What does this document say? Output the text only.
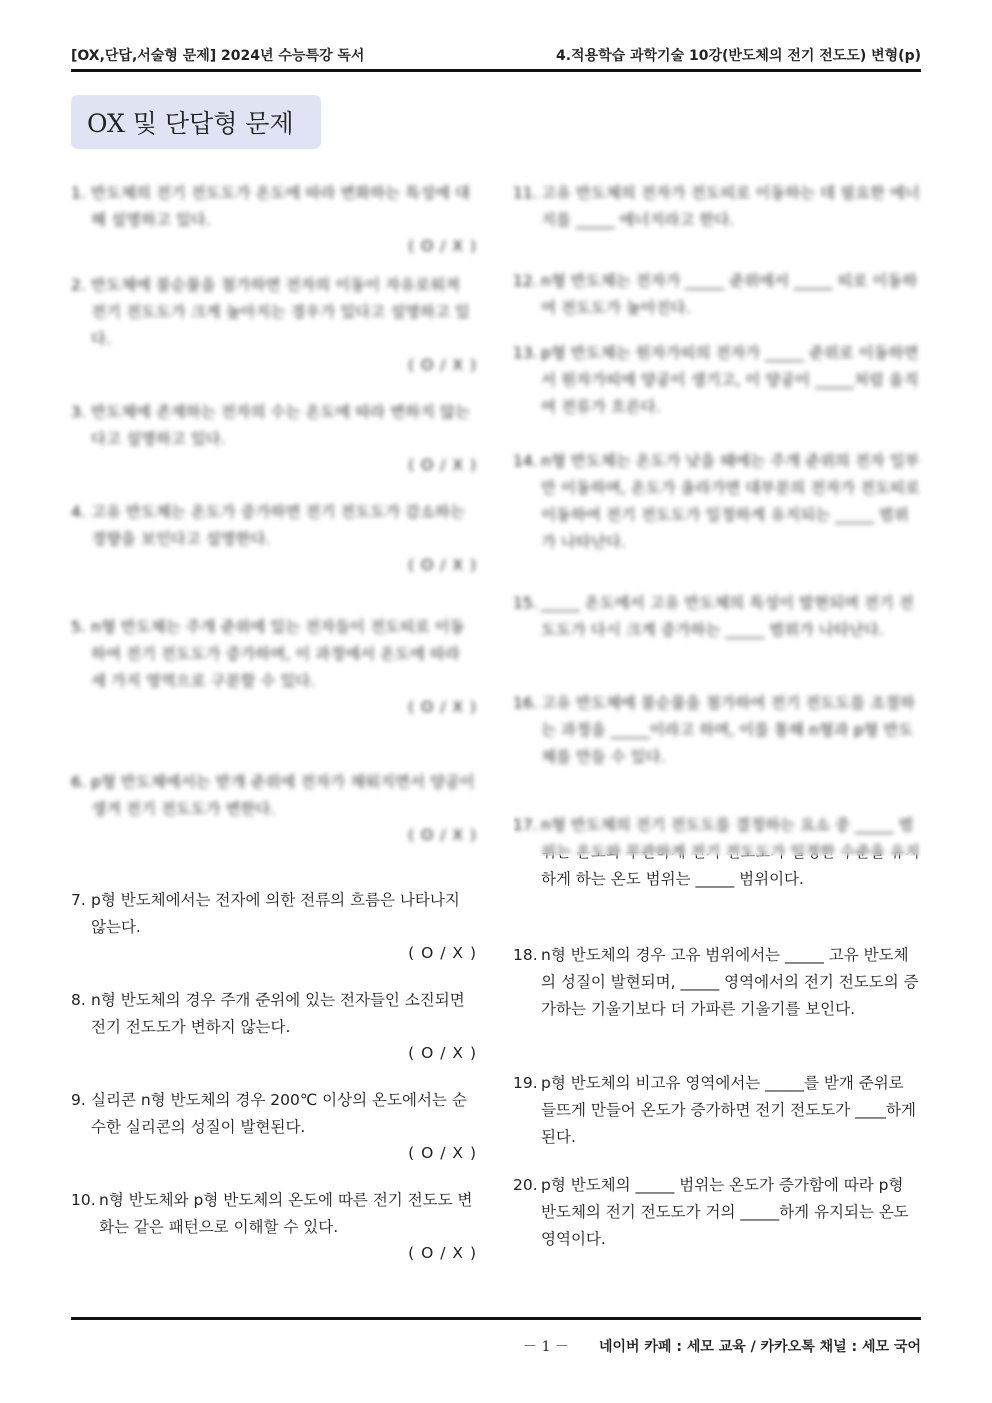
[OX,단답,서술형 문제] 2024년 수능특강 독서	4.적용학습 과학기술 10강(반도체의 전기 전도도) 변형(p)
OX 및 단답형 문제
1. 반도체의 전기 전도도가 온도에 따라 변화하는 특성에 대해 설명하고 있다.
( O / X )
2. 반도체에 불순물을 첨가하면 전자의 이동이 자유로워져 전기 전도도가 크게 높아지는 경우가 있다고 설명하고 있다.
( O / X )
3. 반도체에 존재하는 전자의 수는 온도에 따라 변하지 않는다고 설명하고 있다.
( O / X )
4. 고유 반도체는 온도가 증가하면 전기 전도도가 감소하는 경향을 보인다고 설명한다.
( O / X )
5. n형 반도체는 주개 준위에 있는 전자들이 전도띠로 이동하여 전기 전도도가 증가하며, 이 과정에서 온도에 따라 세 가지 영역으로 구분할 수 있다.
( O / X )
6. p형 반도체에서는 받개 준위에 전자가 채워지면서 양공이 생겨 전기 전도도가 변한다.
( O / X )
7. p형 반도체에서는 전자에 의한 전류의 흐름은 나타나지 않는다.
( O / X )
8. n형 반도체의 경우 주개 준위에 있는 전자들인 소진되면 전기 전도도가 변하지 않는다.
( O / X )
9. 실리콘 n형 반도체의 경우 200℃ 이상의 온도에서는 순수한 실리콘의 성질이 발현된다.
( O / X )
10. n형 반도체와 p형 반도체의 온도에 따른 전기 전도도 변화는 같은 패턴으로 이해할 수 있다.
( O / X )
11. 고유 반도체의 전자가 전도띠로 이동하는 데 필요한 에너지를 _____ 에너지라고 한다.
12. n형 반도체는 전자가 _____ 준위에서 _____ 띠로 이동하여 전도도가 높아진다.
13. p형 반도체는 원자가띠의 전자가 _____ 준위로 이동하면서 원자가띠에 양공이 생기고, 이 양공이 _____처럼 움직여 전류가 흐른다.
14. n형 반도체는 온도가 낮을 때에는 주개 준위의 전자 일부만 이동하며, 온도가 올라가면 대부분의 전자가 전도띠로 이동하여 전기 전도도가 일정하게 유지되는 _____ 범위가 나타난다.
15. _____ 온도에서 고유 반도체의 특성이 발현되며 전기 전도도가 다시 크게 증가하는 _____ 범위가 나타난다.
16. 고유 반도체에 불순물을 첨가하여 전기 전도도를 조절하는 과정을 _____이라고 하며, 이를 통해 n형과 p형 반도체를 만들 수 있다.
17. n형 반도체의 전기 전도도를 결정하는 요소 중 _____ 범위는 온도와 무관하게 전기 전도도가 일정한 수준을 유지하게 하는 온도 범위는 _____ 범위이다.
18. n형 반도체의 경우 고유 범위에서는 _____ 고유 반도체의 성질이 발현되며, _____ 영역에서의 전기 전도도의 증가하는 기울기보다 더 가파른 기울기를 보인다.
19. p형 반도체의 비고유 영역에서는 _____를 받개 준위로 들뜨게 만들어 온도가 증가하면 전기 전도도가 ____하게 된다.
20. p형 반도체의 _____ 범위는 온도가 증가함에 따라 p형 반도체의 전기 전도도가 거의 _____하게 유지되는 온도 영역이다.
－ 1 － 네이버 카페 : 세모 교육 / 카카오톡 채널 : 세모 국어
